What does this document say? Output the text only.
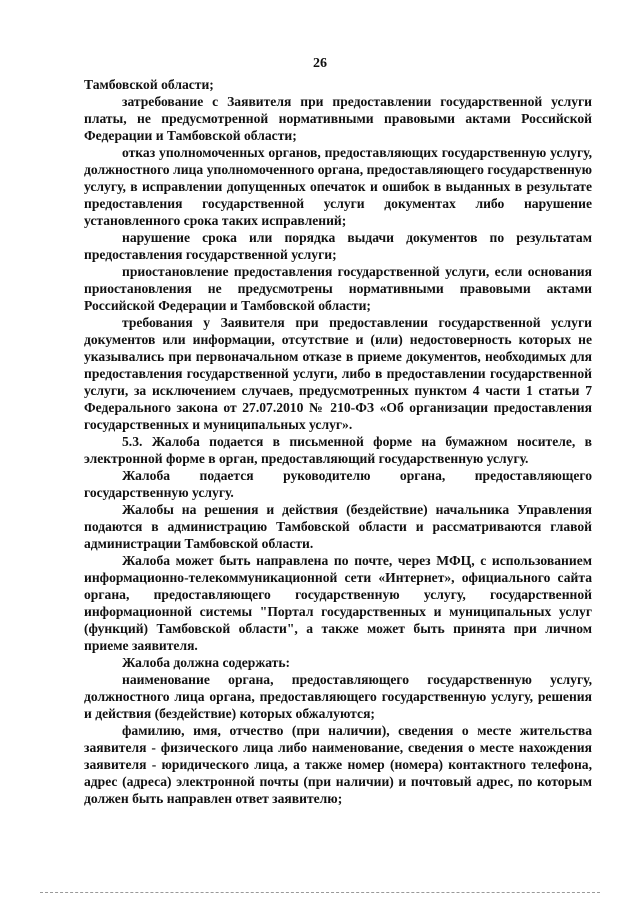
26

Тамбовской области;

затребование с Заявителя при предоставлении государственной услуги платы, не предусмотренной нормативными правовыми актами Российской Федерации и Тамбовской области;

отказ уполномоченных органов, предоставляющих государственную услугу, должностного лица уполномоченного органа, предоставляющего государственную услугу, в исправлении допущенных опечаток и ошибок в выданных в результате предоставления государственной услуги документах либо нарушение установленного срока таких исправлений;

нарушение срока или порядка выдачи документов по результатам предоставления государственной услуги;

приостановление предоставления государственной услуги, если основания приостановления не предусмотрены нормативными правовыми актами Российской Федерации и Тамбовской области;

требования у Заявителя при предоставлении государственной услуги документов или информации, отсутствие и (или) недостоверность которых не указывались при первоначальном отказе в приеме документов, необходимых для предоставления государственной услуги, либо в предоставлении государственной услуги, за исключением случаев, предусмотренных пунктом 4 части 1 статьи 7 Федерального закона от 27.07.2010 № 210-ФЗ «Об организации предоставления государственных и муниципальных услуг».

5.3. Жалоба подается в письменной форме на бумажном носителе, в электронной форме в орган, предоставляющий государственную услугу.

Жалоба подается руководителю органа, предоставляющего государственную услугу.

Жалобы на решения и действия (бездействие) начальника Управления подаются в администрацию Тамбовской области и рассматриваются главой администрации Тамбовской области.

Жалоба может быть направлена по почте, через МФЦ, с использованием информационно-телекоммуникационной сети «Интернет», официального сайта органа, предоставляющего государственную услугу, государственной информационной системы "Портал государственных и муниципальных услуг (функций) Тамбовской области", а также может быть принята при личном приеме заявителя.

Жалоба должна содержать:

наименование органа, предоставляющего государственную услугу, должностного лица органа, предоставляющего государственную услугу, решения и действия (бездействие) которых обжалуются;

фамилию, имя, отчество (при наличии), сведения о месте жительства заявителя - физического лица либо наименование, сведения о месте нахождения заявителя - юридического лица, а также номер (номера) контактного телефона, адрес (адреса) электронной почты (при наличии) и почтовый адрес, по которым должен быть направлен ответ заявителю;
